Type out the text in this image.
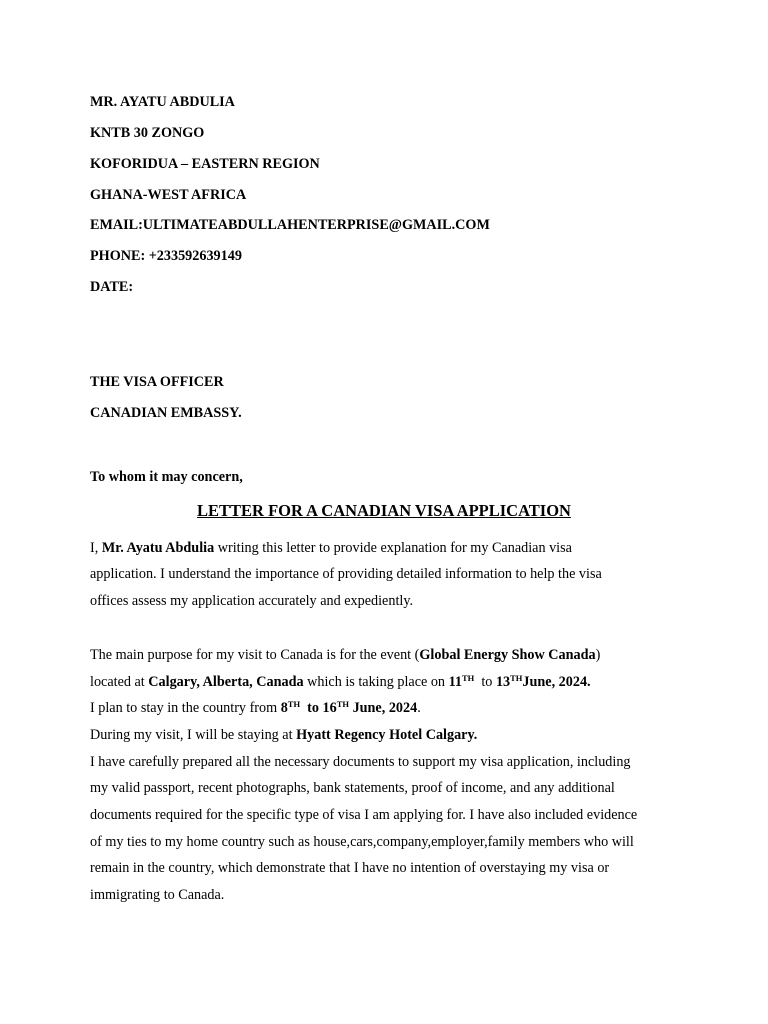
MR. AYATU ABDULIA
KNTB 30 ZONGO
KOFORIDUA – EASTERN REGION
GHANA-WEST AFRICA
EMAIL:ULTIMATEABDULLAHENTERPRISE@GMAIL.COM
PHONE: +233592639149
DATE:
THE VISA OFFICER
CANADIAN EMBASSY.
To whom it may concern,
LETTER FOR A CANADIAN VISA APPLICATION
I, Mr. Ayatu Abdulia writing this letter to provide explanation for my Canadian visa
application. I understand the importance of providing detailed information to help the visa
offices assess my application accurately and expediently.
The main purpose for my visit to Canada is for the event (Global Energy Show Canada)
located at Calgary, Alberta, Canada which is taking place on 11TH  to 13THJune, 2024.
I plan to stay in the country from 8TH  to 16TH June, 2024.
During my visit, I will be staying at Hyatt Regency Hotel Calgary.
I have carefully prepared all the necessary documents to support my visa application, including
my valid passport, recent photographs, bank statements, proof of income, and any additional
documents required for the specific type of visa I am applying for. I have also included evidence
of my ties to my home country such as house,cars,company,employer,family members who will
remain in the country, which demonstrate that I have no intention of overstaying my visa or
immigrating to Canada.
